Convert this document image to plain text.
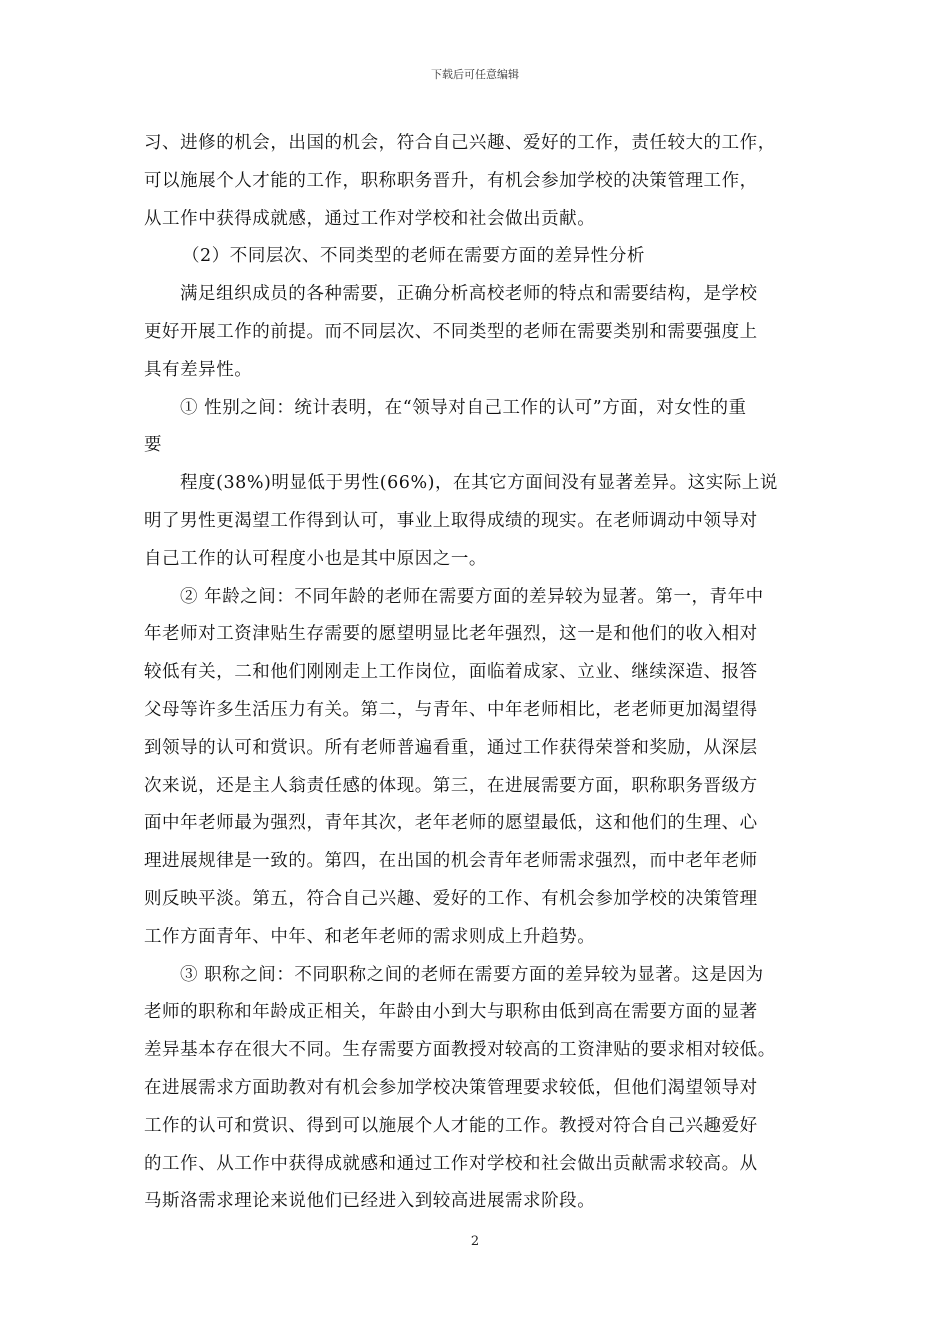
下载后可任意编辑
习、进修的机会，出国的机会，符合自己兴趣、爱好的工作，责任较大的工作，
可以施展个人才能的工作，职称职务晋升，有机会参加学校的决策管理工作，
从工作中获得成就感，通过工作对学校和社会做出贡献。
（2）不同层次、不同类型的老师在需要方面的差异性分析
满足组织成员的各种需要，正确分析高校老师的特点和需要结构，是学校
更好开展工作的前提。而不同层次、不同类型的老师在需要类别和需要强度上
具有差异性。
① 性别之间：统计表明，在“领导对自己工作的认可”方面，对女性的重
要
程度(38%)明显低于男性(66%)，在其它方面间没有显著差异。这实际上说
明了男性更渴望工作得到认可，事业上取得成绩的现实。在老师调动中领导对
自己工作的认可程度小也是其中原因之一。
② 年龄之间：不同年龄的老师在需要方面的差异较为显著。第一，青年中
年老师对工资津贴生存需要的愿望明显比老年强烈，这一是和他们的收入相对
较低有关，二和他们刚刚走上工作岗位，面临着成家、立业、继续深造、报答
父母等许多生活压力有关。第二，与青年、中年老师相比，老老师更加渴望得
到领导的认可和赏识。所有老师普遍看重，通过工作获得荣誉和奖励，从深层
次来说，还是主人翁责任感的体现。第三，在进展需要方面，职称职务晋级方
面中年老师最为强烈，青年其次，老年老师的愿望最低，这和他们的生理、心
理进展规律是一致的。第四，在出国的机会青年老师需求强烈，而中老年老师
则反映平淡。第五，符合自己兴趣、爱好的工作、有机会参加学校的决策管理
工作方面青年、中年、和老年老师的需求则成上升趋势。
③ 职称之间：不同职称之间的老师在需要方面的差异较为显著。这是因为
老师的职称和年龄成正相关，年龄由小到大与职称由低到高在需要方面的显著
差异基本存在很大不同。生存需要方面教授对较高的工资津贴的要求相对较低。
在进展需求方面助教对有机会参加学校决策管理要求较低，但他们渴望领导对
工作的认可和赏识、得到可以施展个人才能的工作。教授对符合自己兴趣爱好
的工作、从工作中获得成就感和通过工作对学校和社会做出贡献需求较高。从
马斯洛需求理论来说他们已经进入到较高进展需求阶段。
2
